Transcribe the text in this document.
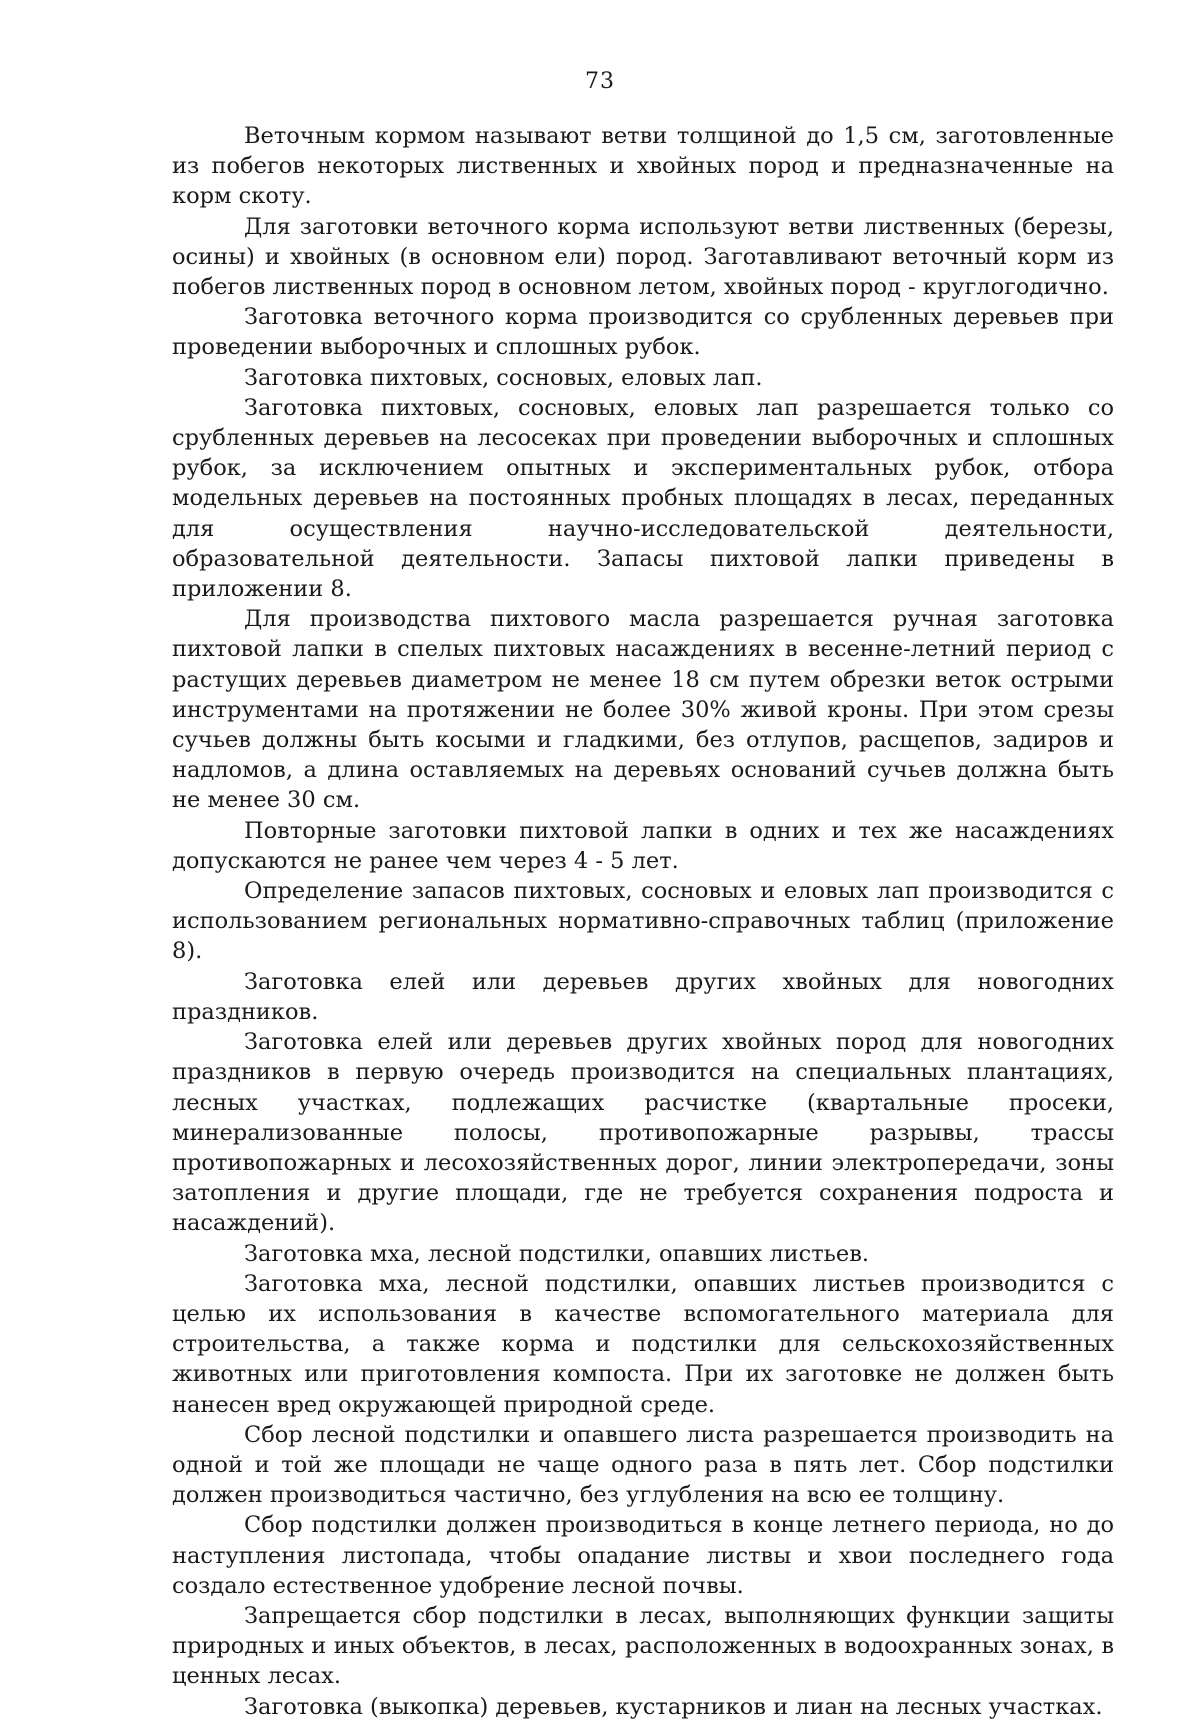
73

Веточным кормом называют ветви толщиной до 1,5 см, заготовленные из побегов некоторых лиственных и хвойных пород и предназначенные на корм скоту.

Для заготовки веточного корма используют ветви лиственных (березы, осины) и хвойных (в основном ели) пород. Заготавливают веточный корм из побегов лиственных пород в основном летом, хвойных пород - круглогодично.

Заготовка веточного корма производится со срубленных деревьев при проведении выборочных и сплошных рубок.

Заготовка пихтовых, сосновых, еловых лап.

Заготовка пихтовых, сосновых, еловых лап разрешается только со срубленных деревьев на лесосеках при проведении выборочных и сплошных рубок, за исключением опытных и экспериментальных рубок, отбора модельных деревьев на постоянных пробных площадях в лесах, переданных для осуществления научно-исследовательской деятельности, образовательной деятельности. Запасы пихтовой лапки приведены в приложении 8.

Для производства пихтового масла разрешается ручная заготовка пихтовой лапки в спелых пихтовых насаждениях в весенне-летний период с растущих деревьев диаметром не менее 18 см путем обрезки веток острыми инструментами на протяжении не более 30% живой кроны. При этом срезы сучьев должны быть косыми и гладкими, без отлупов, расщепов, задиров и надломов, а длина оставляемых на деревьях оснований сучьев должна быть не менее 30 см.

Повторные заготовки пихтовой лапки в одних и тех же насаждениях допускаются не ранее чем через 4 - 5 лет.

Определение запасов пихтовых, сосновых и еловых лап производится с использованием региональных нормативно-справочных таблиц (приложение 8).

Заготовка елей или деревьев других хвойных для новогодних праздников.

Заготовка елей или деревьев других хвойных пород для новогодних праздников в первую очередь производится на специальных плантациях, лесных участках, подлежащих расчистке (квартальные просеки, минерализованные полосы, противопожарные разрывы, трассы противопожарных и лесохозяйственных дорог, линии электропередачи, зоны затопления и другие площади, где не требуется сохранения подроста и насаждений).

Заготовка мха, лесной подстилки, опавших листьев.

Заготовка мха, лесной подстилки, опавших листьев производится с целью их использования в качестве вспомогательного материала для строительства, а также корма и подстилки для сельскохозяйственных животных или приготовления компоста. При их заготовке не должен быть нанесен вред окружающей природной среде.

Сбор лесной подстилки и опавшего листа разрешается производить на одной и той же площади не чаще одного раза в пять лет. Сбор подстилки должен производиться частично, без углубления на всю ее толщину.

Сбор подстилки должен производиться в конце летнего периода, но до наступления листопада, чтобы опадание листвы и хвои последнего года создало естественное удобрение лесной почвы.

Запрещается сбор подстилки в лесах, выполняющих функции защиты природных и иных объектов, в лесах, расположенных в водоохранных зонах, в ценных лесах.

Заготовка (выкопка) деревьев, кустарников и лиан на лесных участках.
